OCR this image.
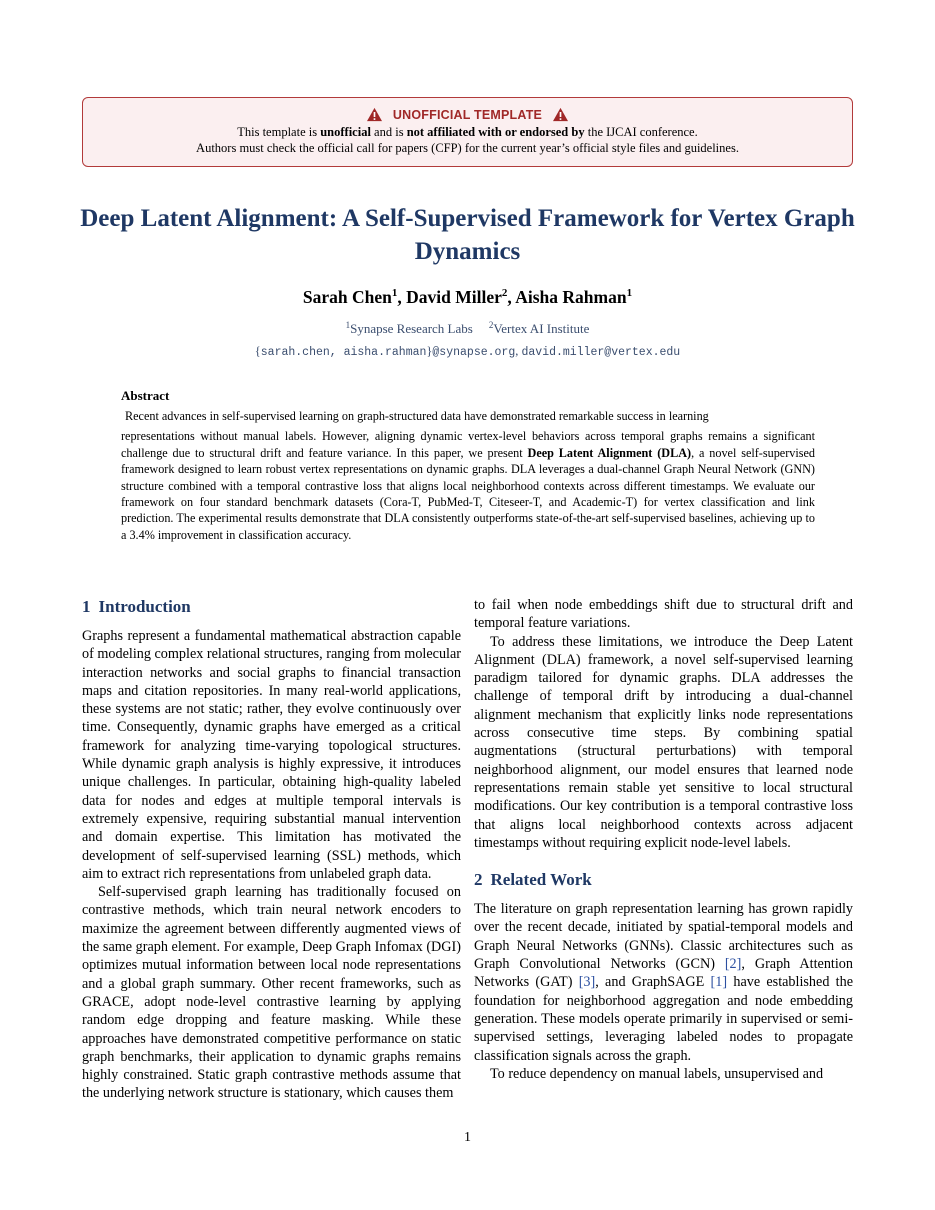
UNOFFICIAL TEMPLATE
This template is unofficial and is not affiliated with or endorsed by the IJCAI conference.
Authors must check the official call for papers (CFP) for the current year’s official style files and guidelines.
Deep Latent Alignment: A Self-Supervised Framework for Vertex Graph Dynamics
Sarah Chen$^1$, David Miller$^2$, Aisha Rahman$^1$
$^1$Synapse Research Labs $^2$Vertex AI Institute
{sarah.chen, aisha.rahman}@synapse.org, david.miller@vertex.edu
Abstract
Recent advances in self-supervised learning on graph-structured data have demonstrated remarkable success in learning
representations without manual labels. However, aligning dynamic vertex-level behaviors across temporal graphs remains a significant challenge due to structural drift and feature variance. In this paper, we present Deep Latent Alignment (DLA), a novel self-supervised framework designed to learn robust vertex representations on dynamic graphs. DLA leverages a dual-channel Graph Neural Network (GNN) structure combined with a temporal contrastive loss that aligns local neighborhood contexts across different timestamps. We evaluate our framework on four standard benchmark datasets (Cora-T, PubMed-T, Citeseer-T, and Academic-T) for vertex classification and link prediction. The experimental results demonstrate that DLA consistently outperforms state-of-the-art self-supervised baselines, achieving up to a 3.4% improvement in classification accuracy.
1 Introduction

Graphs represent a fundamental mathematical abstraction capable of modeling complex relational structures, ranging from molecular interaction networks and social graphs to financial transaction maps and citation repositories. In many real-world applications, these systems are not static; rather, they evolve continuously over time. Consequently, dynamic graphs have emerged as a critical framework for analyzing time-varying topological structures. While dynamic graph analysis is highly expressive, it introduces unique challenges. In particular, obtaining high-quality labeled data for nodes and edges at multiple temporal intervals is extremely expensive, requiring substantial manual intervention and domain expertise. This limitation has motivated the development of self-supervised learning (SSL) methods, which aim to extract rich representations from unlabeled graph data.

Self-supervised graph learning has traditionally focused on contrastive methods, which train neural network encoders to maximize the agreement between differently augmented views of the same graph element. For example, Deep Graph Infomax (DGI) optimizes mutual information between local node representations and a global graph summary. Other recent frameworks, such as GRACE, adopt node-level contrastive learning by applying random edge dropping and feature masking. While these approaches have demonstrated competitive performance on static graph benchmarks, their application to dynamic graphs remains highly constrained. Static graph contrastive methods assume that the underlying network structure is stationary, which causes them

to fail when node embeddings shift due to structural drift and temporal feature variations.

To address these limitations, we introduce the Deep Latent Alignment (DLA) framework, a novel self-supervised learning paradigm tailored for dynamic graphs. DLA addresses the challenge of temporal drift by introducing a dual-channel alignment mechanism that explicitly links node representations across consecutive time steps. By combining spatial augmentations (structural perturbations) with temporal neighborhood alignment, our model ensures that learned node representations remain stable yet sensitive to local structural modifications. Our key contribution is a temporal contrastive loss that aligns local neighborhood contexts across adjacent timestamps without requiring explicit node-level labels.

2 Related Work

The literature on graph representation learning has grown rapidly over the recent decade, initiated by spatial-temporal models and Graph Neural Networks (GNNs). Classic architectures such as Graph Convolutional Networks (GCN) [2], Graph Attention Networks (GAT) [3], and GraphSAGE [1] have established the foundation for neighborhood aggregation and node embedding generation. These models operate primarily in supervised or semi-supervised settings, leveraging labeled nodes to propagate classification signals across the graph.

To reduce dependency on manual labels, unsupervised and

1
